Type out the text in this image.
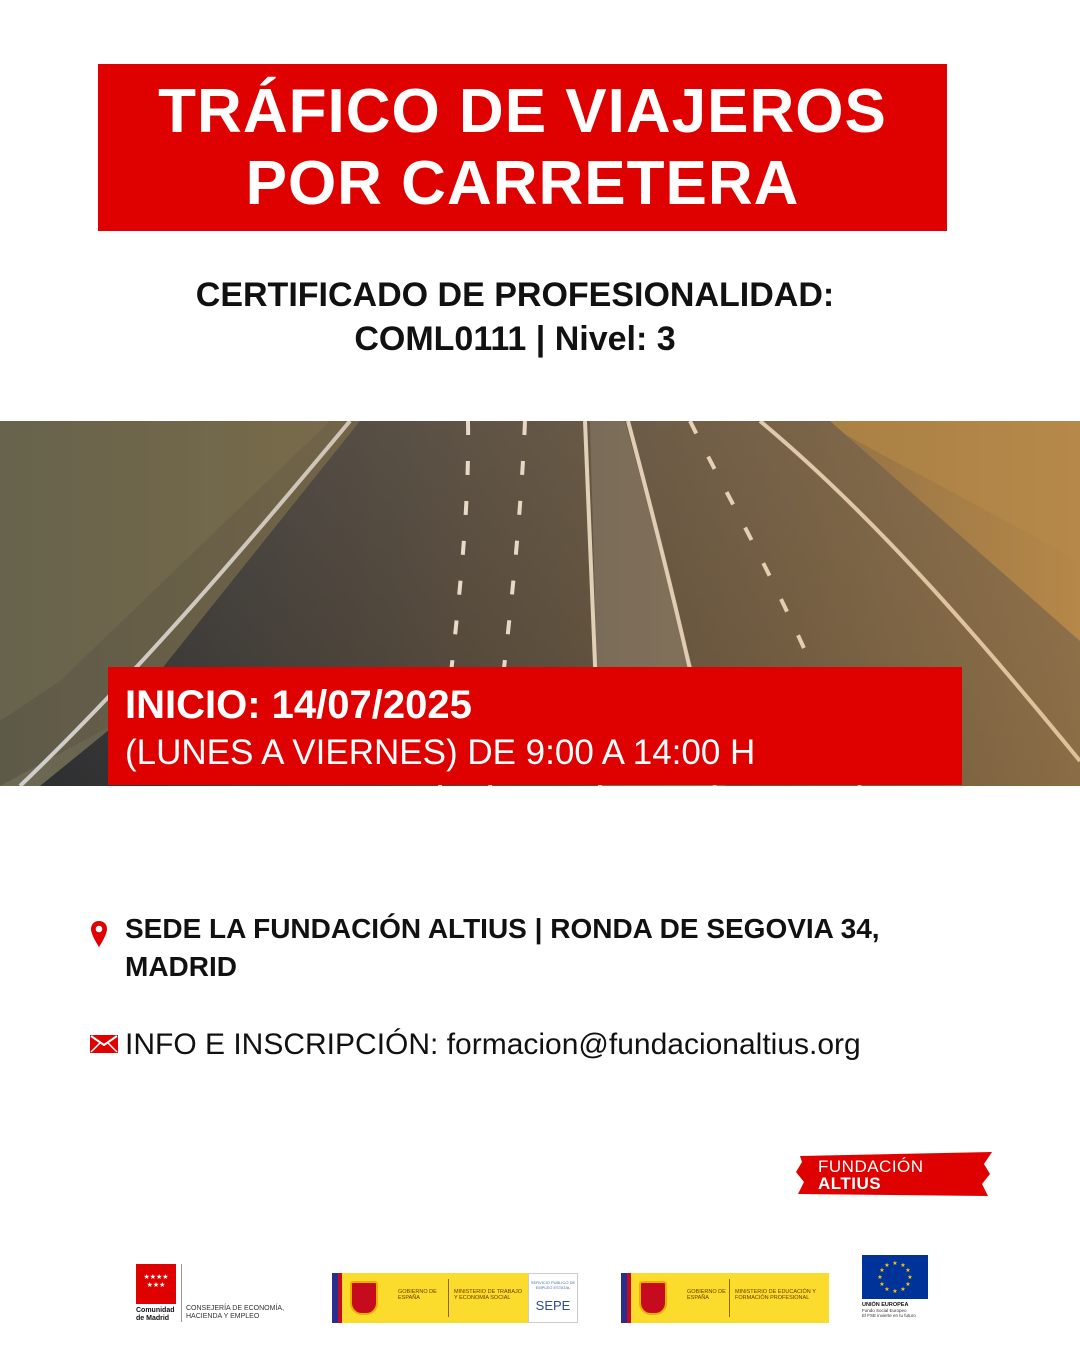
TRÁFICO DE VIAJEROS
POR CARRETERA
CERTIFICADO DE PROFESIONALIDAD:
COML0111 | Nivel: 3
INICIO: 14/07/2025
(LUNES A VIERNES) DE 9:00 A 14:00 H
SEDE LA FUNDACIÓN ALTIUS | RONDA DE SEGOVIA 34,
MADRID
INFO E INSCRIPCIÓN: formacion@fundacionaltius.org
FUNDACIÓN
ALTIUS
★★★★
★★★
Comunidad de Madrid
CONSEJERÍA DE ECONOMÍA, HACIENDA Y EMPLEO
GOBIERNO DE ESPAÑA
MINISTERIO DE TRABAJO Y ECONOMÍA SOCIAL
SERVICIO PÚBLICO DE EMPLEO ESTATAL
SEPE
GOBIERNO DE ESPAÑA
MINISTERIO DE EDUCACIÓN Y FORMACIÓN PROFESIONAL
★ ★
★
★
★
★
★
★
★
★
★
★
UNIÓN EUROPEA
Fondo Social Europeo
El FSE invierte en tu futuro
